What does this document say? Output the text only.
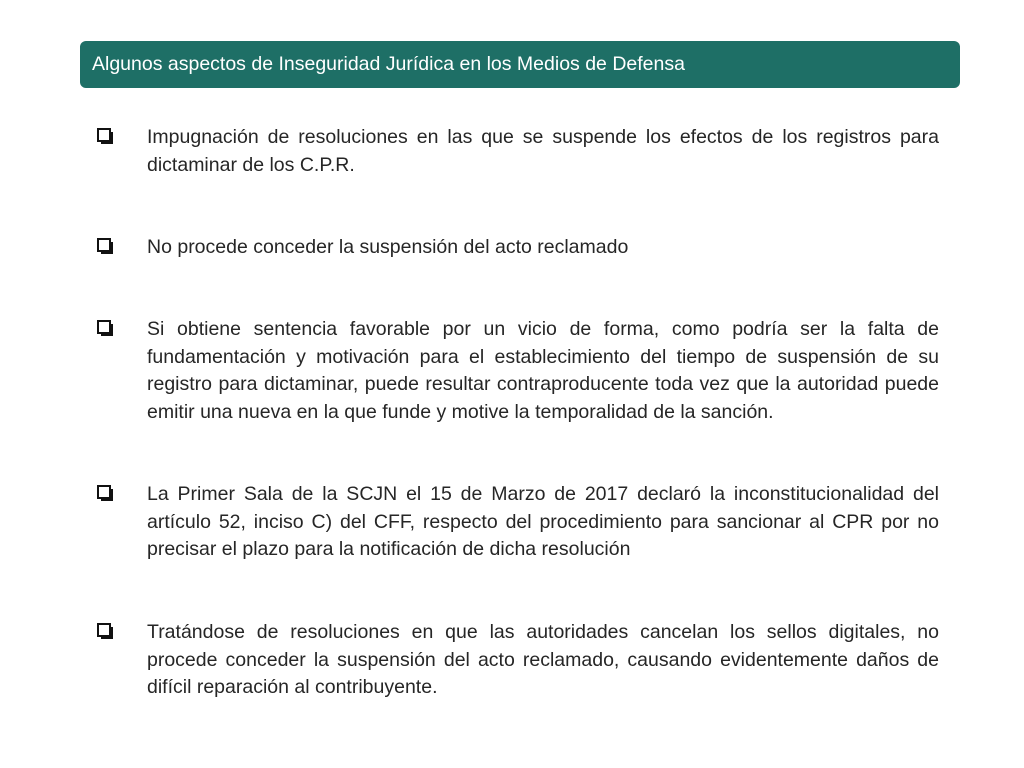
Algunos aspectos de Inseguridad Jurídica en los Medios de Defensa
Impugnación de resoluciones en las que se suspende los efectos de los registros para dictaminar de los C.P.R.
No procede conceder la suspensión del acto reclamado
Si obtiene sentencia favorable por un vicio de forma, como podría ser la falta de fundamentación y motivación para el establecimiento del tiempo de suspensión de su registro para dictaminar, puede resultar contraproducente toda vez que la autoridad puede emitir una nueva en la que funde y motive la temporalidad de la sanción.
La Primer Sala de la SCJN el 15 de Marzo de 2017 declaró la inconstitucionalidad del artículo 52, inciso C) del CFF, respecto del procedimiento para sancionar al CPR por no precisar el plazo para la notificación de dicha resolución
Tratándose de resoluciones en que las autoridades cancelan los sellos digitales, no procede conceder la suspensión del acto reclamado, causando evidentemente daños de difícil reparación al contribuyente.
